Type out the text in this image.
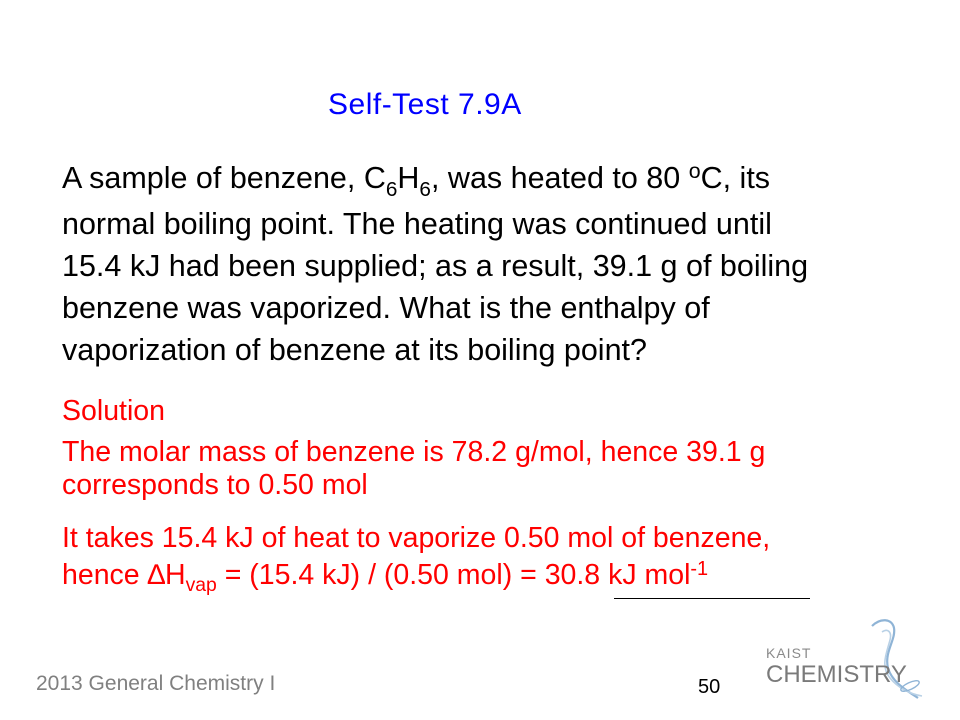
Self-Test 7.9A
A sample of benzene, $C_6H_6$, was heated to 80 $^o$C, its
normal boiling point. The heating was continued until
15.4 kJ had been supplied; as a result, 39.1 g of boiling
benzene was vaporized. What is the enthalpy of
vaporization of benzene at its boiling point?
Solution
The molar mass of benzene is 78.2 g/mol, hence 39.1 g
corresponds to 0.50 mol
It takes 15.4 kJ of heat to vaporize 0.50 mol of benzene,
hence $\Delta H_{vap} = (15.4$ kJ) / (0.50 mol) = 30.8 kJ mol$^{-1}$
2013 General Chemistry I	50
KAIST
CHEMISTRY
